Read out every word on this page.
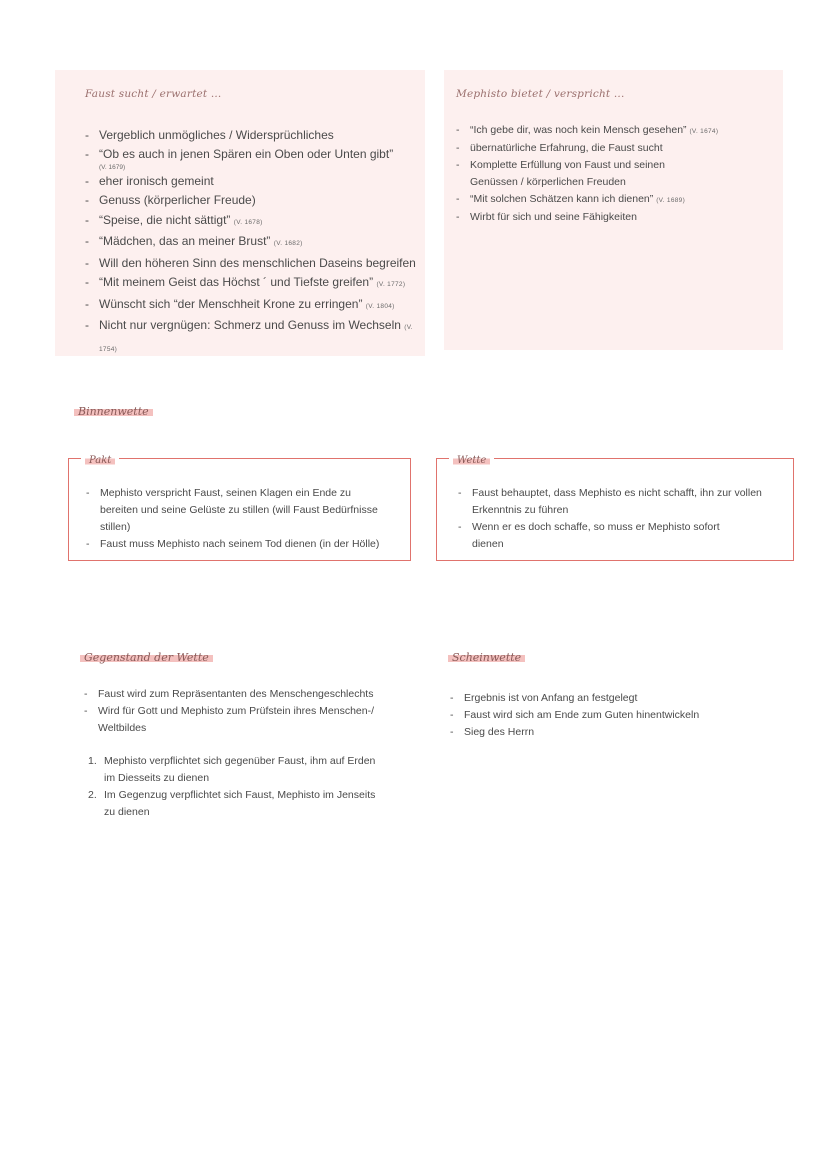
Faust sucht / erwartet ...
- Vergeblich unmögliches / Widersprüchliches
- “Ob es auch in jenen Spären ein Oben oder Unten gibt”
(V. 1679)
- eher ironisch gemeint
- Genuss (körperlicher Freude)
- “Speise, die nicht sättigt” (V. 1678)
- “Mädchen, das an meiner Brust” (V. 1682)
- Will den höheren Sinn des menschlichen Daseins begreifen
- “Mit meinem Geist das Höchst ´ und Tiefste greifen” (V. 1772)
- Wünscht sich “der Menschheit Krone zu erringen” (V. 1804)
- Nicht nur vergnügen: Schmerz und Genuss im Wechseln (V. 1754)
Mephisto bietet / verspricht ...
- “Ich gebe dir, was noch kein Mensch gesehen” (V. 1674)
- übernatürliche Erfahrung, die Faust sucht
- Komplette Erfüllung von Faust und seinen Genüssen / körperlichen Freuden
- “Mit solchen Schätzen kann ich dienen” (V. 1689)
- Wirbt für sich und seine Fähigkeiten
Binnenwette
Pakt
- Mephisto verspricht Faust, seinen Klagen ein Ende zu bereiten und seine Gelüste zu stillen (will Faust Bedürfnisse stillen)
- Faust muss Mephisto nach seinem Tod dienen (in der Hölle)
Wette
- Faust behauptet, dass Mephisto es nicht schafft, ihn zur vollen Erkenntnis zu führen
- Wenn er es doch schaffe, so muss er Mephisto sofort dienen
Gegenstand der Wette
- Faust wird zum Repräsentanten des Menschengeschlechts
- Wird für Gott und Mephisto zum Prüfstein ihres Menschen-/ Weltbildes
1. Mephisto verpflichtet sich gegenüber Faust, ihm auf Erden im Diesseits zu dienen
2. Im Gegenzug verpflichtet sich Faust, Mephisto im Jenseits zu dienen
Scheinwette
- Ergebnis ist von Anfang an festgelegt
- Faust wird sich am Ende zum Guten hinentwickeln
- Sieg des Herrn
